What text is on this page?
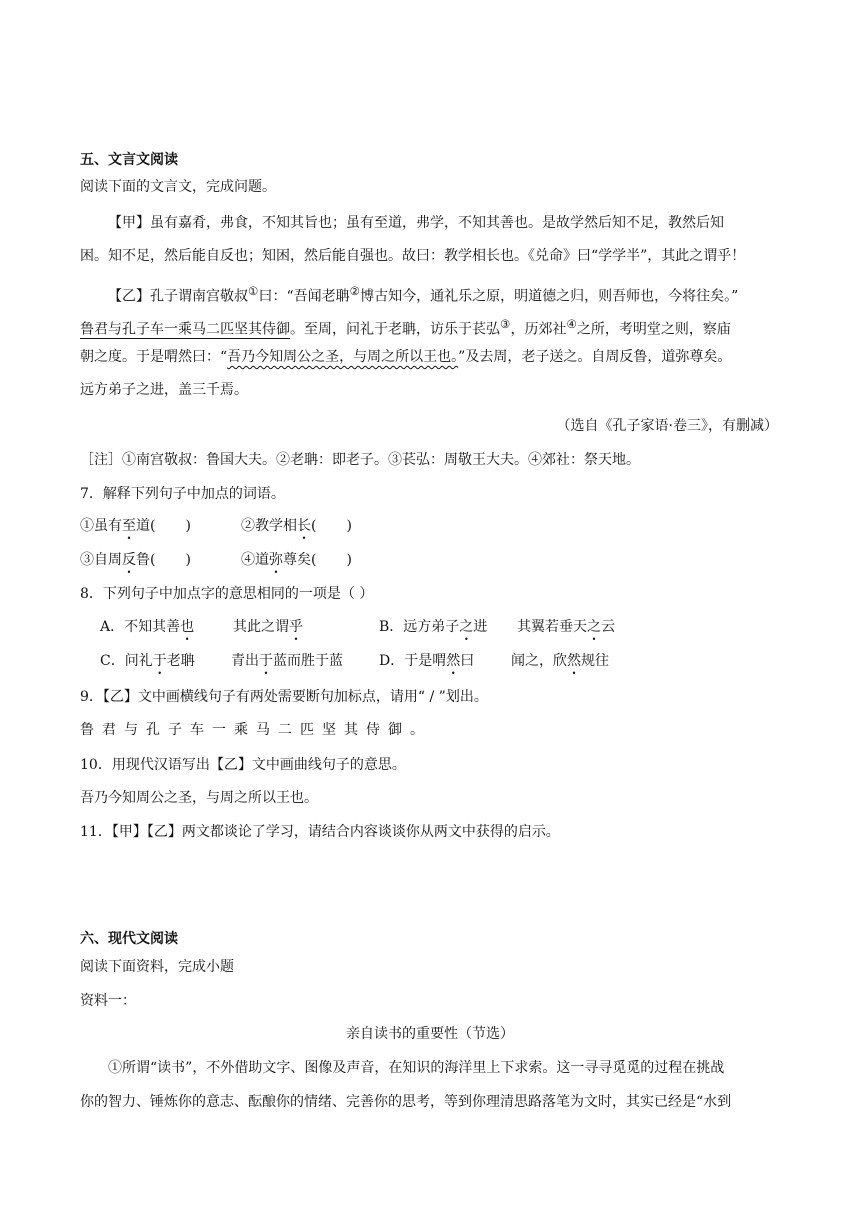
五、文言文阅读
阅读下面的文言文，完成问题。
【甲】虽有嘉肴，弗食，不知其旨也；虽有至道，弗学，不知其善也。是故学然后知不足，教然后知
困。知不足，然后能自反也；知困，然后能自强也。故曰：教学相长也。《兑命》曰“学学半”，其此之谓乎！
【乙】孔子谓南宫敬叔①曰：“吾闻老聃②博古知今，通礼乐之原，明道德之归，则吾师也，今将往矣。”
鲁君与孔子车一乘马二匹坚其侍御。至周，问礼于老聃，访乐于苌弘③，历郊社④之所，考明堂之则，察庙
朝之度。于是喟然曰：“吾乃今知周公之圣，与周之所以王也。”及去周，老子送之。自周反鲁，道弥尊矣。
远方弟子之进，盖三千焉。
（选自《孔子家语·卷三》，有删减）
［注］①南宫敬叔：鲁国大夫。②老聃：即老子。③苌弘：周敬王大夫。④郊社：祭天地。
7．解释下列句子中加点的词语。
①虽有至道( )	②教学相长( )
③自周反鲁( )	④道弥尊矣( )
8．下列句子中加点字的意思相同的一项是（ ）
A．不知其善也	其此之谓乎	B．远方弟子之进 其翼若垂天之云
C．问礼于老聃	青出于蓝而胜于蓝	D．于是喟然曰	闻之，欣然规往
9．【乙】文中画横线句子有两处需要断句加标点，请用“ / ”划出。
鲁君与孔子车一乘马二匹坚其侍御。
10．用现代汉语写出【乙】文中画曲线句子的意思。
吾乃今知周公之圣，与周之所以王也。
11．【甲】【乙】两文都谈论了学习，请结合内容谈谈你从两文中获得的启示。
六、现代文阅读
阅读下面资料，完成小题
资料一：
亲自读书的重要性（节选）
①所谓“读书”，不外借助文字、图像及声音，在知识的海洋里上下求索。这一寻寻觅觅的过程在挑战
你的智力、锤炼你的意志、酝酿你的情绪、完善你的思考，等到你理清思路落笔为文时，其实已经是“水到
